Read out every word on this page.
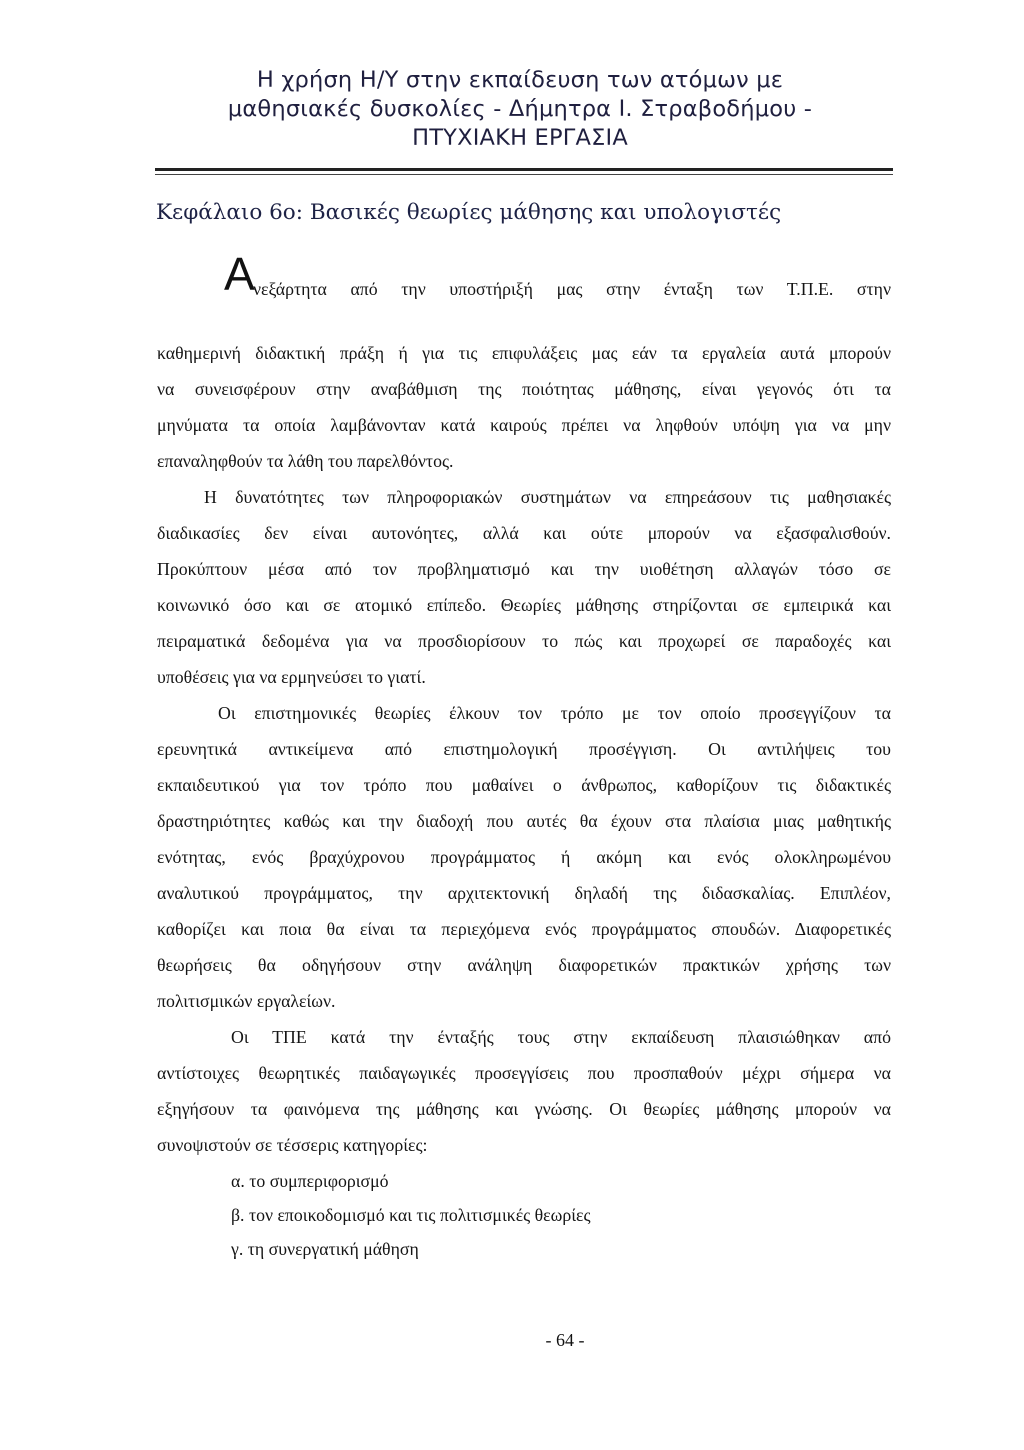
Η χρήση Η/Υ στην εκπαίδευση των ατόμων με
μαθησιακές δυσκολίες - Δήμητρα Ι. Στραβοδήμου -
ΠΤΥΧΙΑΚΗ ΕΡΓΑΣΙΑ
Κεφάλαιο 6ο: Βασικές θεωρίες μάθησης και υπολογιστές
Α
νεξάρτητα από την υποστήριξή μας στην ένταξη των Τ.Π.Ε. στην
καθημερινή διδακτική πράξη ή για τις επιφυλάξεις μας εάν τα εργαλεία αυτά μπορούν
να συνεισφέρουν στην αναβάθμιση της ποιότητας μάθησης, είναι γεγονός ότι τα
μηνύματα τα οποία λαμβάνονταν κατά καιρούς πρέπει να ληφθούν υπόψη για να μην
επαναληφθούν τα λάθη του παρελθόντος.
Η δυνατότητες των πληροφοριακών συστημάτων να επηρεάσουν τις μαθησιακές
διαδικασίες δεν είναι αυτονόητες, αλλά και ούτε μπορούν να εξασφαλισθούν.
Προκύπτουν μέσα από τον προβληματισμό και την υιοθέτηση αλλαγών τόσο σε
κοινωνικό όσο και σε ατομικό επίπεδο. Θεωρίες μάθησης στηρίζονται σε εμπειρικά και
πειραματικά δεδομένα για να προσδιορίσουν το πώς και προχωρεί σε παραδοχές και
υποθέσεις για να ερμηνεύσει το γιατί.
Οι επιστημονικές θεωρίες έλκουν τον τρόπο με τον οποίο προσεγγίζουν τα
ερευνητικά αντικείμενα από επιστημολογική προσέγγιση. Οι αντιλήψεις του
εκπαιδευτικού για τον τρόπο που μαθαίνει ο άνθρωπος, καθορίζουν τις διδακτικές
δραστηριότητες καθώς και την διαδοχή που αυτές θα έχουν στα πλαίσια μιας μαθητικής
ενότητας, ενός βραχύχρονου προγράμματος ή ακόμη και ενός ολοκληρωμένου
αναλυτικού προγράμματος, την αρχιτεκτονική δηλαδή της διδασκαλίας. Επιπλέον,
καθορίζει και ποια θα είναι τα περιεχόμενα ενός προγράμματος σπουδών. Διαφορετικές
θεωρήσεις θα οδηγήσουν στην ανάληψη διαφορετικών πρακτικών χρήσης των
πολιτισμικών εργαλείων.
Οι ΤΠΕ κατά την ένταξής τους στην εκπαίδευση πλαισιώθηκαν από
αντίστοιχες θεωρητικές παιδαγωγικές προσεγγίσεις που προσπαθούν μέχρι σήμερα να
εξηγήσουν τα φαινόμενα της μάθησης και γνώσης. Οι θεωρίες μάθησης μπορούν να
συνοψιστούν σε τέσσερις κατηγορίες:
α. το συμπεριφορισμό
β. τον εποικοδομισμό και τις πολιτισμικές θεωρίες
γ. τη συνεργατική μάθηση
- 64 -
